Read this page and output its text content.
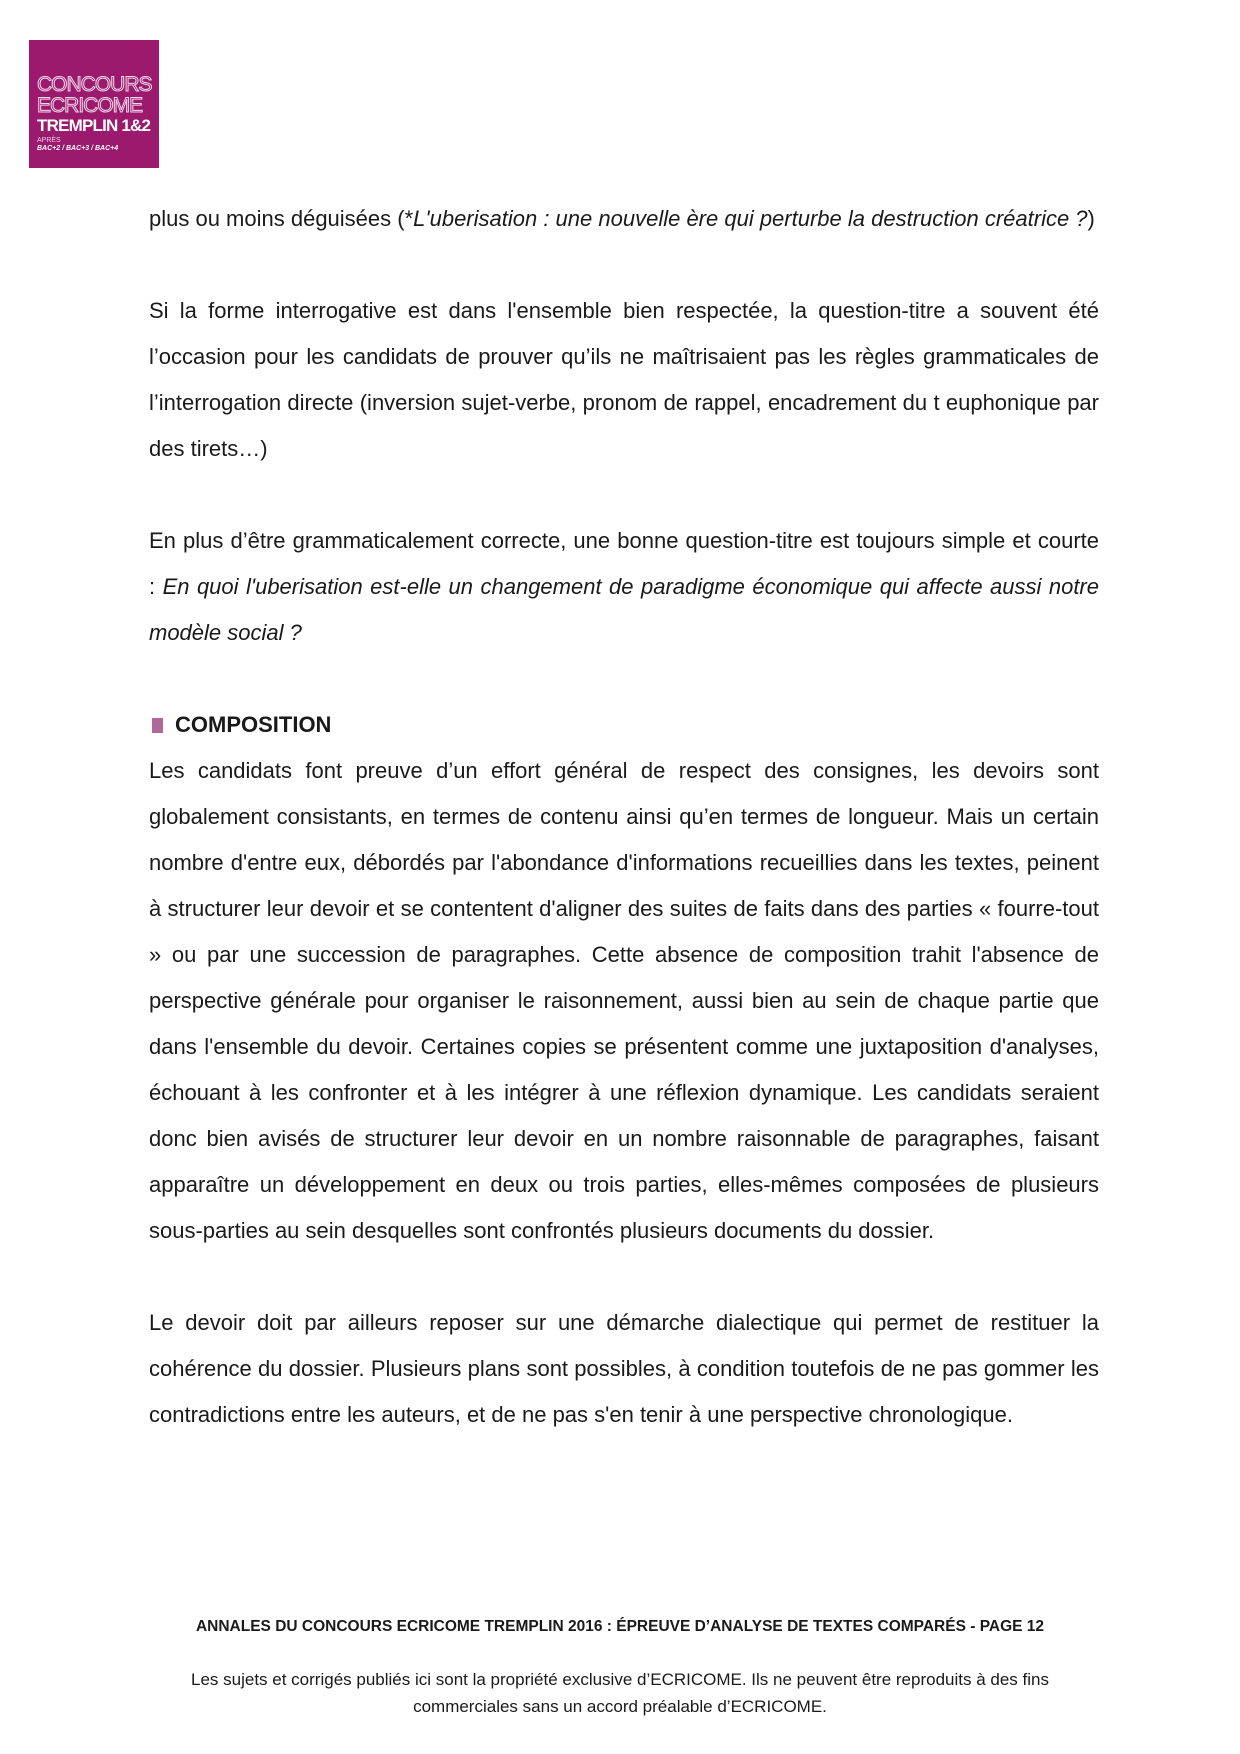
CONCOURS
ECRICOME
TREMPLIN 1&2
APRÈS
BAC+2 / BAC+3 / BAC+4

plus ou moins déguisées (*L'uberisation : une nouvelle ère qui perturbe la destruction créatrice ?)

Si la forme interrogative est dans l'ensemble bien respectée, la question-titre a souvent été l’occasion pour les candidats de prouver qu’ils ne maîtrisaient pas les règles grammaticales de l’interrogation directe (inversion sujet-verbe, pronom de rappel, encadrement du t euphonique par des tirets…)

En plus d’être grammaticalement correcte, une bonne question-titre est toujours simple et courte : En quoi l'uberisation est-elle un changement de paradigme économique qui affecte aussi notre modèle social ?

COMPOSITION

Les candidats font preuve d’un effort général de respect des consignes, les devoirs sont globalement consistants, en termes de contenu ainsi qu’en termes de longueur. Mais un certain nombre d'entre eux, débordés par l'abondance d'informations recueillies dans les textes, peinent à structurer leur devoir et se contentent d'aligner des suites de faits dans des parties « fourre-tout » ou par une succession de paragraphes. Cette absence de composition trahit l'absence de perspective générale pour organiser le raisonnement, aussi bien au sein de chaque partie que dans l'ensemble du devoir. Certaines copies se présentent comme une juxtaposition d'analyses, échouant à les confronter et à les intégrer à une réflexion dynamique. Les candidats seraient donc bien avisés de structurer leur devoir en un nombre raisonnable de paragraphes, faisant apparaître un développement en deux ou trois parties, elles-mêmes composées de plusieurs sous-parties au sein desquelles sont confrontés plusieurs documents du dossier.

Le devoir doit par ailleurs reposer sur une démarche dialectique qui permet de restituer la cohérence du dossier. Plusieurs plans sont possibles, à condition toutefois de ne pas gommer les contradictions entre les auteurs, et de ne pas s'en tenir à une perspective chronologique.

ANNALES DU CONCOURS ECRICOME TREMPLIN 2016 : ÉPREUVE D’ANALYSE DE TEXTES COMPARÉS - PAGE 12
Les sujets et corrigés publiés ici sont la propriété exclusive d’ECRICOME. Ils ne peuvent être reproduits à des fins commerciales sans un accord préalable d’ECRICOME.
